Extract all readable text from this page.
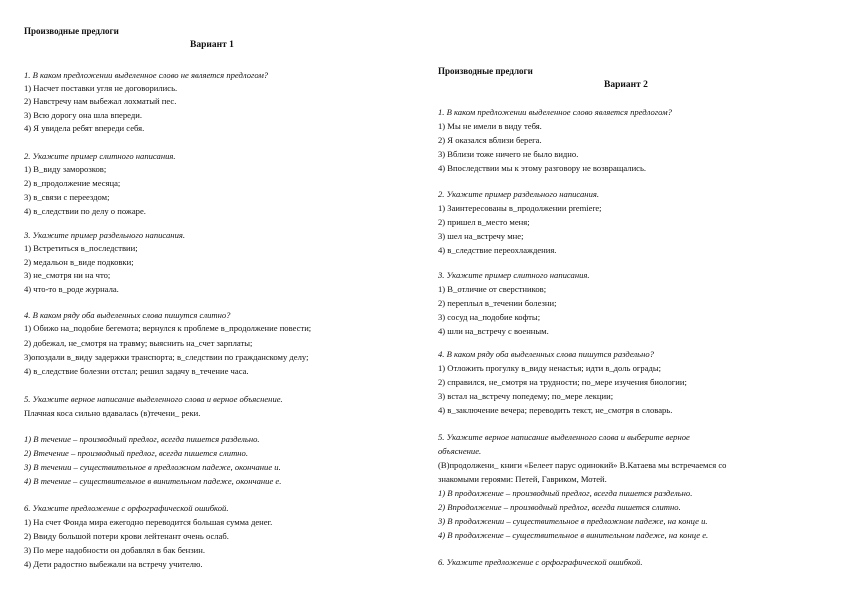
Производные предлоги
Вариант 1
1. В каком предложении выделенное слово не является предлогом?
1) Насчет поставки угля не договорились.
2) Навстречу нам выбежал лохматый пес.
3) Всю дорогу она шла впереди.
4) Я увидела ребят впереди себя.
2. Укажите пример слитного написания.
1) В_виду заморозков;
2) в_продолжение месяца;
3) в_связи с переездом;
4) в_следствии по делу о пожаре.
3. Укажите пример раздельного написания.
1) Встретиться в_последствии;
2) медальон в_виде подковки;
3) не_смотря ни на что;
4) что-то в_роде журнала.
4. В каком ряду оба выделенных слова пишутся слитно?
1) Обижо на_подобие бегемота; вернулся к проблеме в_продолжение повести;
2) добежал, не_смотря на травму; выяснить на_счет зарплаты;
3)опоздали в_виду задержки транспорта; в_следствии по гражданскому делу;
4) в_следствие болезни отстал; решил задачу в_течение часа.
5. Укажите верное написание выделенного слова и верное объяснение.
Плачная коса сильно вдавалась (в)течени_ реки.
1) В течение – производный предлог, всегда пишется раздельно.
2) Втечение – производный предлог, всегда пишется слитно.
3) В течении – существительное в предложном падеже, окончание и.
4) В течение – существительное в винительном падеже, окончание е.
6. Укажите предложение с орфографической ошибкой.
1) На счет Фонда мира ежегодно переводится большая сумма денег.
2) Ввиду большой потери крови лейтенант очень ослаб.
3) По мере надобности он добавлял в бак бензин.
4) Дети радостно выбежали на встречу учителю.
Производные предлоги
Вариант 2
1. В каком предложении выделенное слово является предлогом?
1) Мы не имели в виду тебя.
2) Я оказался вблизи берега.
3) Вблизи тоже ничего не было видно.
4) Впоследствии мы к этому разговору не возвращались.
2. Укажите пример раздельного написания.
1) Заинтересованы в_продолжении premiere;
2) пришел в_место меня;
3) шел на_встречу мне;
4) в_следствие переохлаждения.
3. Укажите пример слитного написания.
1) В_отличие от сверстников;
2) переплыл в_течении болезни;
3) сосуд на_подобие кофты;
4) шли на_встречу с военным.
4. В каком ряду оба выделенных слова пишутся раздельно?
1) Отложить прогулку в_виду ненастья; идти в_доль ограды;
2) справился, не_смотря на трудности; по_мере изучения биологии;
3) встал на_встречу попедему; по_мере лекции;
4) в_заключение вечера; переводить текст, не_смотря в словарь.
5. Укажите верное написание выделенного слова и выберите верное
объяснение.
(В)продолжени_ книги «Белеет парус одинокий» В.Катаева мы встречаемся со
знакомыми героями: Петей, Гавриком, Мотей.
1) В продолжение – производный предлог, всегда пишется раздельно.
2) Впродолжение – производный предлог, всегда пишется слитно.
3) В продолжении – существительное в предложном падеже, на конце и.
4) В продолжение – существительное в винительном падеже, на конце е.
6. Укажите предложение с орфографической ошибкой.
